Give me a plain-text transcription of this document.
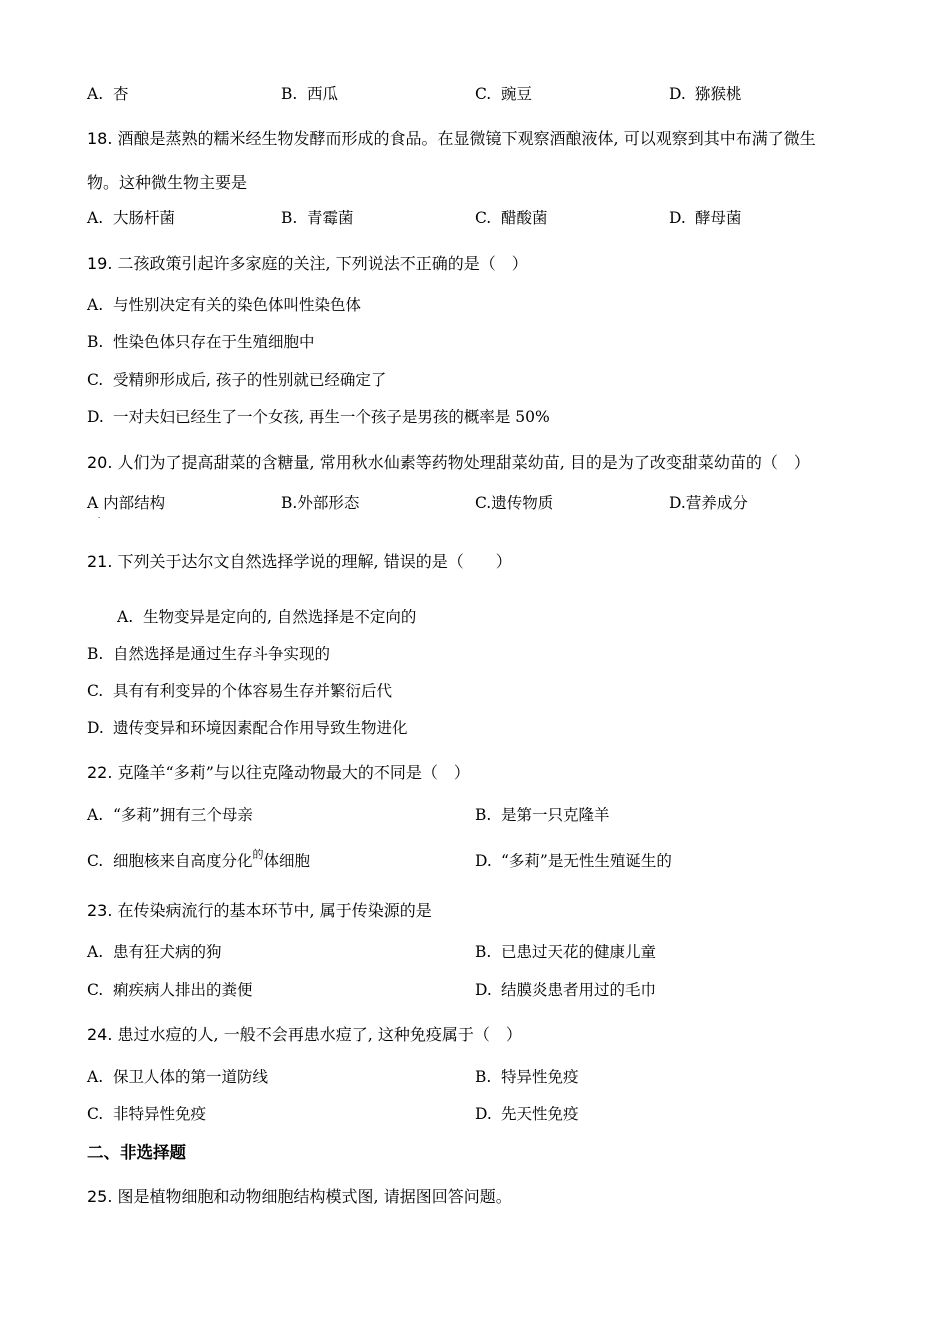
A. 杏	B. 西瓜	C. 豌豆	D. 猕猴桃
18. 酒酿是蒸熟的糯米经生物发酵而形成的食品。在显微镜下观察酒酿液体, 可以观察到其中布满了微生
物。这种微生物主要是
A. 大肠杆菌	B. 青霉菌	C. 醋酸菌	D. 酵母菌
19. 二孩政策引起许多家庭的关注, 下列说法不正确的是（　）
A. 与性别决定有关的染色体叫性染色体
B. 性染色体只存在于生殖细胞中
C. 受精卵形成后, 孩子的性别就已经确定了
D. 一对夫妇已经生了一个女孩, 再生一个孩子是男孩的概率是 50%
20. 人们为了提高甜菜的含糖量, 常用秋水仙素等药物处理甜菜幼苗, 目的是为了改变甜菜幼苗的（　）
A 内部结构	B.外部形态	C.遗传物质	D.营养成分
·
21. 下列关于达尔文自然选择学说的理解, 错误的是（　　）
A. 生物变异是定向的, 自然选择是不定向的
B. 自然选择是通过生存斗争实现的
C. 具有有利变异的个体容易生存并繁衍后代
D. 遗传变异和环境因素配合作用导致生物进化
22. 克隆羊“多莉”与以往克隆动物最大的不同是（　）
A. “多莉”拥有三个母亲	B. 是第一只克隆羊
C. 细胞核来自高度分化$^的$体细胞	D. “多莉”是无性生殖诞生的
23. 在传染病流行的基本环节中, 属于传染源的是
A. 患有狂犬病的狗	B. 已患过天花的健康儿童
C. 痢疾病人排出的粪便	D. 结膜炎患者用过的毛巾
24. 患过水痘的人, 一般不会再患水痘了, 这种免疫属于（　）
A. 保卫人体的第一道防线	B. 特异性免疫
C. 非特异性免疫	D. 先天性免疫
二、非选择题
25. 图是植物细胞和动物细胞结构模式图, 请据图回答问题。
